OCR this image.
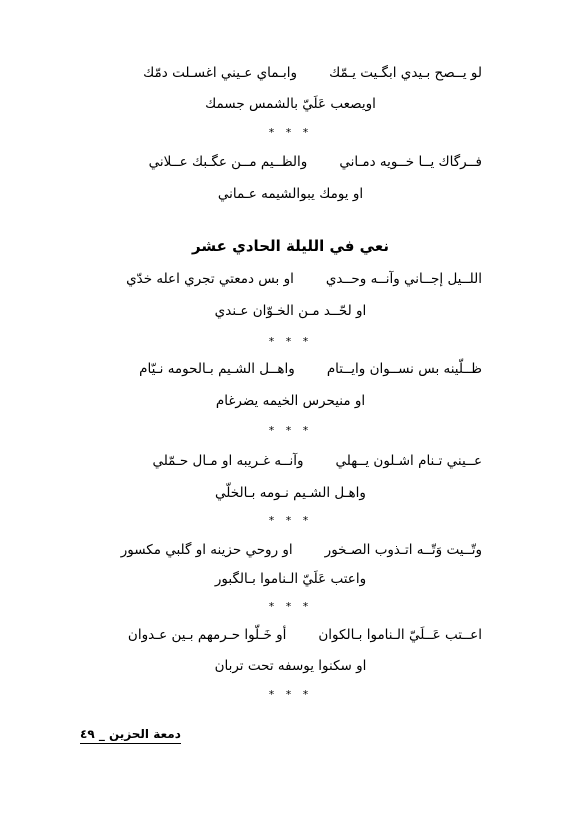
لو يــصح بـيدي ابگـيت يـمّكوابـماي عـيني اغسـلت دمّك
اويصعب عَلَيّ بالشمس جسمك
* * *
فــرگاك يــا خــويه دمـانيوالظــيم مــن عگـبك عــلاني
او يومك يبوالشيمه عـماني
نعي في الليلة الحادي عشر
اللــيل إجــاني وآنــه وحــدياو بس دمعتي تجري اعله خدّي
او لحّــد مـن الخـوّان عـندي
* * *
ظــلّينه بس نســوان وايــتامواهــل الشـيم بـالحومه نـيّام
او منيحرس الخيمه يضرغام
* * *
عــيني تـنام اشـلون يــهليوآنــه غـريبه او مـال حـمّلي
واهـل الشـيم نـومه بـالخلّي
* * *
وتّــيت وَتّــه اتـذوب الصـخوراو روحي حزينه او گلبي مكسور
واعتب عَلَيّ الـناموا بـالگبور
* * *
اعــتب عَــلَيّ الـناموا بـالكوانأو خَـلّوا حـرمهم بـين عـدوان
او سكنوا يوسفه تحت تربان
* * *
دمعة الحزين _ ٤٩
